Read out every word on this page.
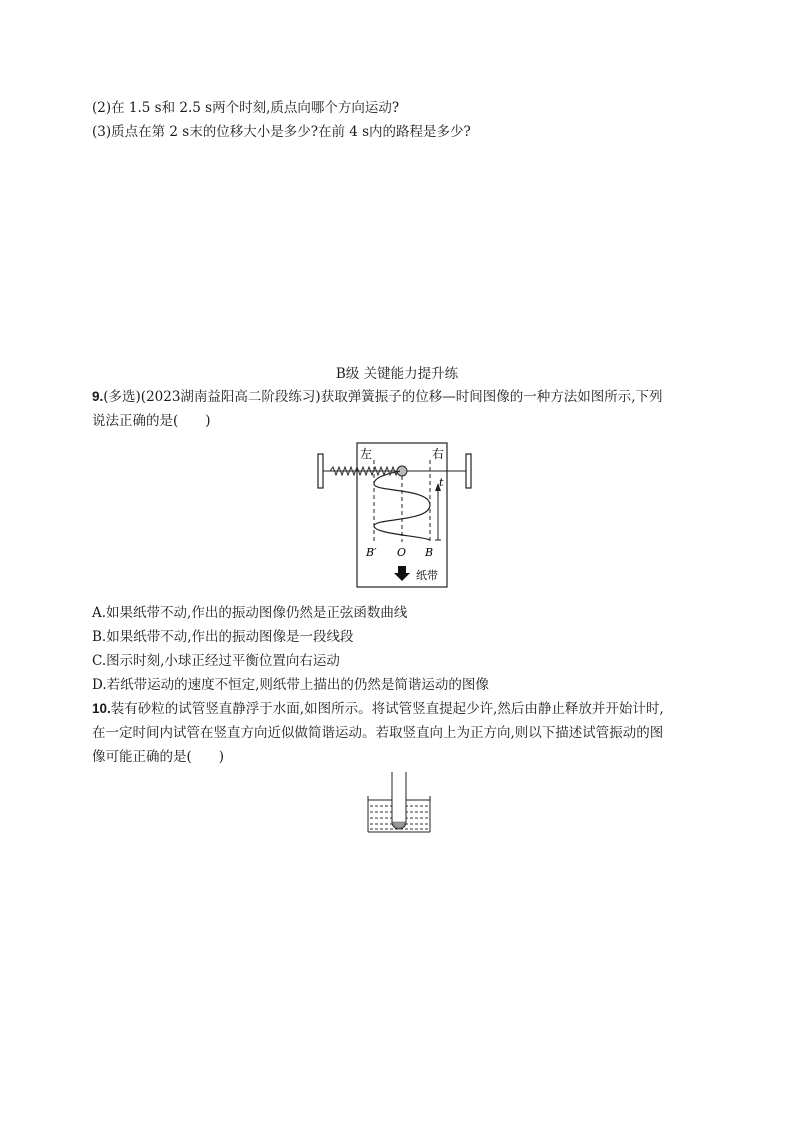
(2)在 1.5 s和 2.5 s两个时刻,质点向哪个方向运动?
(3)质点在第 2 s末的位移大小是多少?在前 4 s内的路程是多少?
B级 关键能力提升练
9.(多选)(2023湖南益阳高二阶段练习)获取弹簧振子的位移—时间图像的一种方法如图所示,下列
说法正确的是(　　)
左	右
t
B′ O B
纸带
A.如果纸带不动,作出的振动图像仍然是正弦函数曲线
B.如果纸带不动,作出的振动图像是一段线段
C.图示时刻,小球正经过平衡位置向右运动
D.若纸带运动的速度不恒定,则纸带上描出的仍然是简谐运动的图像
10.装有砂粒的试管竖直静浮于水面,如图所示。将试管竖直提起少许,然后由静止释放并开始计时,
在一定时间内试管在竖直方向近似做简谐运动。若取竖直向上为正方向,则以下描述试管振动的图
像可能正确的是(　　)
